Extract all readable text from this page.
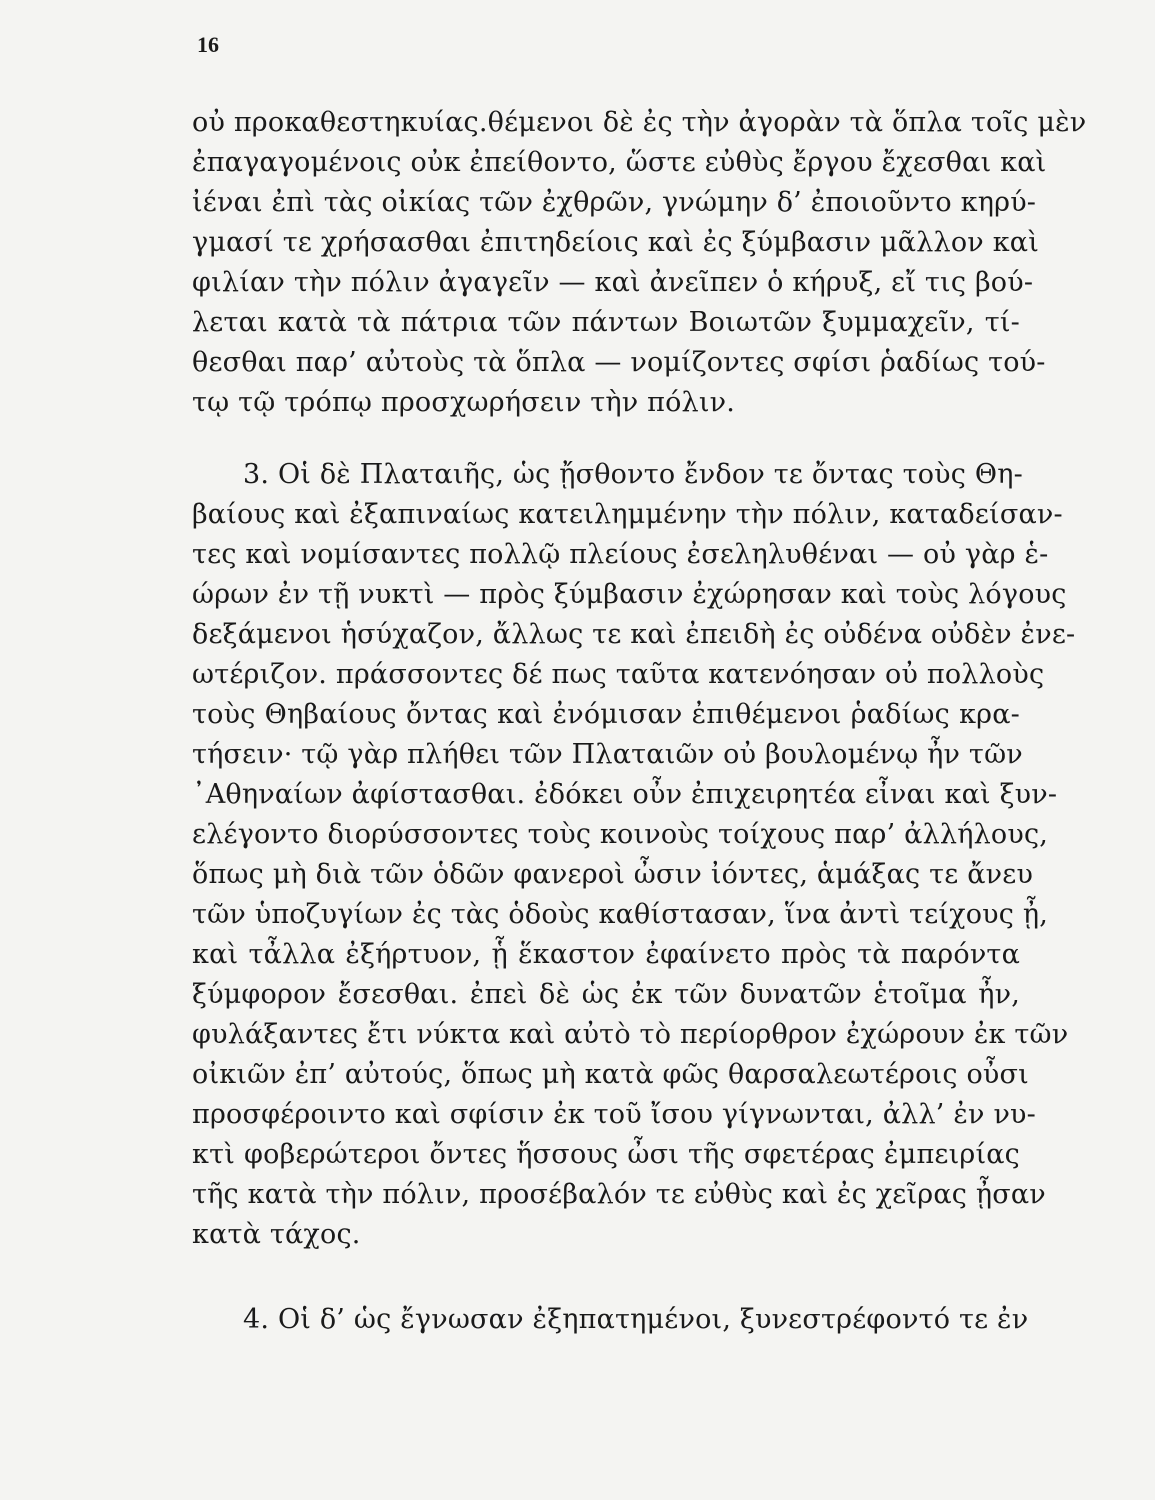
16
οὐ προκαθεστηκυίας.θέμενοι δὲ ἐς τὴν ἀγορὰν τὰ ὅπλα τοῖς μὲν
ἐπαγαγομένοις οὐκ ἐπείθοντο, ὥστε εὐθὺς ἔργου ἔχεσθαι καὶ
ἰέναι ἐπὶ τὰς οἰκίας τῶν ἐχθρῶν, γνώμην δ’ ἐποιοῦντο κηρύ-
γμασί τε χρήσασθαι ἐπιτηδείοις καὶ ἐς ξύμβασιν μᾶλλον καὶ
φιλίαν τὴν πόλιν ἀγαγεῖν — καὶ ἀνεῖπεν ὁ κήρυξ, εἴ τις βού-
λεται κατὰ τὰ πάτρια τῶν πάντων Βοιωτῶν ξυμμαχεῖν, τί-
θεσθαι παρ’ αὐτοὺς τὰ ὅπλα — νομίζοντες σφίσι ῥαδίως τού-
τῳ τῷ τρόπῳ προσχωρήσειν τὴν πόλιν.
3. Οἱ δὲ Πλαταιῆς, ὡς ᾔσθοντο ἔνδον τε ὄντας τοὺς Θη-
βαίους καὶ ἐξαπιναίως κατειλημμένην τὴν πόλιν, καταδείσαν-
τες καὶ νομίσαντες πολλῷ πλείους ἐσεληλυθέναι — οὐ γὰρ ἑ-
ώρων ἐν τῇ νυκτὶ — πρὸς ξύμβασιν ἐχώρησαν καὶ τοὺς λόγους
δεξάμενοι ἡσύχαζον, ἄλλως τε καὶ ἐπειδὴ ἐς οὐδένα οὐδὲν ἐνε-
ωτέριζον. πράσσοντες δέ πως ταῦτα κατενόησαν οὐ πολλοὺς
τοὺς Θηβαίους ὄντας καὶ ἐνόμισαν ἐπιθέμενοι ῥαδίως κρα-
τήσειν· τῷ γὰρ πλήθει τῶν Πλαταιῶν οὐ βουλομένῳ ἦν τῶν
᾿Αθηναίων ἀφίστασθαι. ἐδόκει οὖν ἐπιχειρητέα εἶναι καὶ ξυν-
ελέγοντο διορύσσοντες τοὺς κοινοὺς τοίχους παρ’ ἀλλήλους,
ὅπως μὴ διὰ τῶν ὁδῶν φανεροὶ ὦσιν ἰόντες, ἁμάξας τε ἄνευ
τῶν ὑποζυγίων ἐς τὰς ὁδοὺς καθίστασαν, ἵνα ἀντὶ τείχους ᾖ,
καὶ τἆλλα ἐξήρτυον, ᾗ ἕκαστον ἐφαίνετο πρὸς τὰ παρόντα
ξύμφορον ἔσεσθαι. ἐπεὶ δὲ ὡς ἐκ τῶν δυνατῶν ἑτοῖμα ἦν,
φυλάξαντες ἔτι νύκτα καὶ αὐτὸ τὸ περίορθρον ἐχώρουν ἐκ τῶν
οἰκιῶν ἐπ’ αὐτούς, ὅπως μὴ κατὰ φῶς θαρσαλεωτέροις οὖσι
προσφέροιντο καὶ σφίσιν ἐκ τοῦ ἴσου γίγνωνται, ἀλλ’ ἐν νυ-
κτὶ φοβερώτεροι ὄντες ἥσσους ὦσι τῆς σφετέρας ἐμπειρίας
τῆς κατὰ τὴν πόλιν, προσέβαλόν τε εὐθὺς καὶ ἐς χεῖρας ᾖσαν
κατὰ τάχος.
4. Οἱ δ’ ὡς ἔγνωσαν ἐξηπατημένοι, ξυνεστρέφοντό τε ἐν
